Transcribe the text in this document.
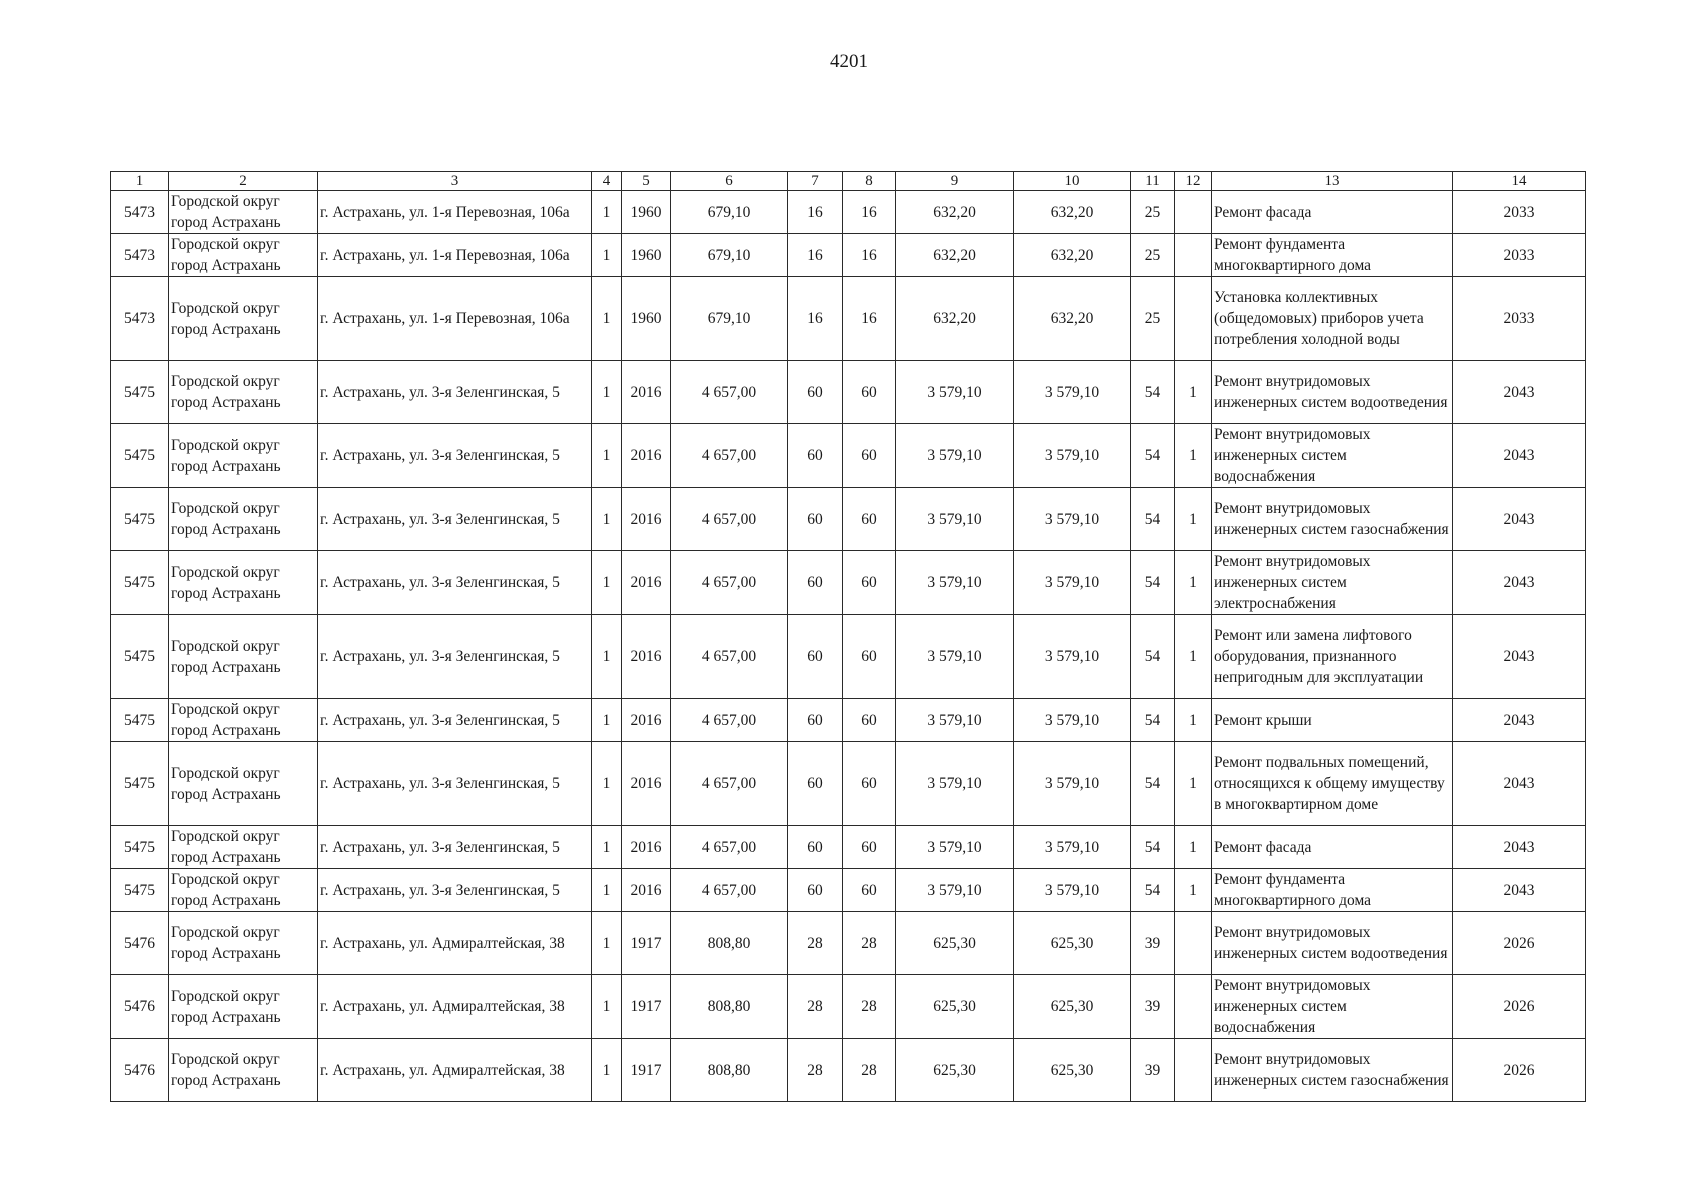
4201
1	2	3	4	5	6	7	8	9	10	11	12	13	14
5473	Городской округ город Астрахань	г. Астрахань, ул. 1-я Перевозная, 106а	1	1960	679,10	16	16	632,20	632,20	25		Ремонт фасада	2033
5473	Городской округ город Астрахань	г. Астрахань, ул. 1-я Перевозная, 106а	1	1960	679,10	16	16	632,20	632,20	25		Ремонт фундамента многоквартирного дома	2033
5473	Городской округ город Астрахань	г. Астрахань, ул. 1-я Перевозная, 106а	1	1960	679,10	16	16	632,20	632,20	25		Установка коллективных (общедомовых) приборов учета потребления холодной воды	2033
5475	Городской округ город Астрахань	г. Астрахань, ул. 3-я Зеленгинская, 5	1	2016	4 657,00	60	60	3 579,10	3 579,10	54	1	Ремонт внутридомовых инженерных систем водоотведения	2043
5475	Городской округ город Астрахань	г. Астрахань, ул. 3-я Зеленгинская, 5	1	2016	4 657,00	60	60	3 579,10	3 579,10	54	1	Ремонт внутридомовых инженерных систем водоснабжения	2043
5475	Городской округ город Астрахань	г. Астрахань, ул. 3-я Зеленгинская, 5	1	2016	4 657,00	60	60	3 579,10	3 579,10	54	1	Ремонт внутридомовых инженерных систем газоснабжения	2043
5475	Городской округ город Астрахань	г. Астрахань, ул. 3-я Зеленгинская, 5	1	2016	4 657,00	60	60	3 579,10	3 579,10	54	1	Ремонт внутридомовых инженерных систем электроснабжения	2043
5475	Городской округ город Астрахань	г. Астрахань, ул. 3-я Зеленгинская, 5	1	2016	4 657,00	60	60	3 579,10	3 579,10	54	1	Ремонт или замена лифтового оборудования, признанного непригодным для эксплуатации	2043
5475	Городской округ город Астрахань	г. Астрахань, ул. 3-я Зеленгинская, 5	1	2016	4 657,00	60	60	3 579,10	3 579,10	54	1	Ремонт крыши	2043
5475	Городской округ город Астрахань	г. Астрахань, ул. 3-я Зеленгинская, 5	1	2016	4 657,00	60	60	3 579,10	3 579,10	54	1	Ремонт подвальных помещений, относящихся к общему имуществу в многоквартирном доме	2043
5475	Городской округ город Астрахань	г. Астрахань, ул. 3-я Зеленгинская, 5	1	2016	4 657,00	60	60	3 579,10	3 579,10	54	1	Ремонт фасада	2043
5475	Городской округ город Астрахань	г. Астрахань, ул. 3-я Зеленгинская, 5	1	2016	4 657,00	60	60	3 579,10	3 579,10	54	1	Ремонт фундамента многоквартирного дома	2043
5476	Городской округ город Астрахань	г. Астрахань, ул. Адмиралтейская, 38	1	1917	808,80	28	28	625,30	625,30	39		Ремонт внутридомовых инженерных систем водоотведения	2026
5476	Городской округ город Астрахань	г. Астрахань, ул. Адмиралтейская, 38	1	1917	808,80	28	28	625,30	625,30	39		Ремонт внутридомовых инженерных систем водоснабжения	2026
5476	Городской округ город Астрахань	г. Астрахань, ул. Адмиралтейская, 38	1	1917	808,80	28	28	625,30	625,30	39		Ремонт внутридомовых инженерных систем газоснабжения	2026
